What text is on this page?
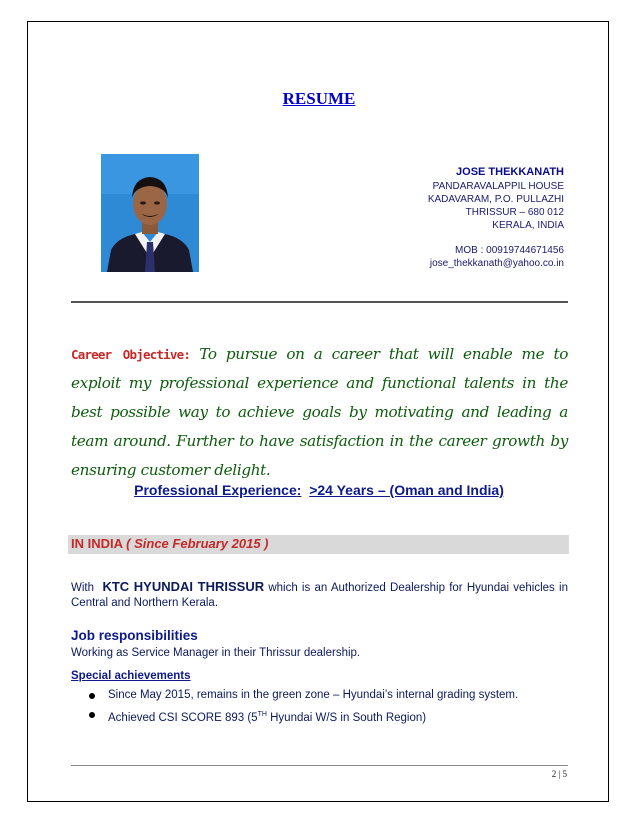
RESUME
JOSE THEKKANATH
PANDARAVALAPPIL HOUSE
KADAVARAM, P.O. PULLAZHI
THRISSUR – 680 012
KERALA, INDIA
MOB : 00919744671456
jose_thekkanath@yahoo.co.in
Career Objective: To pursue on a career that will enable me to exploit my professional experience and functional talents in the best possible way to achieve goals by motivating and leading a team around. Further to have satisfaction in the career growth by ensuring customer delight.
Professional Experience: >24 Years – (Oman and India)
IN INDIA ( Since February 2015 )
With KTC HYUNDAI THRISSUR which is an Authorized Dealership for Hyundai vehicles in Central and Northern Kerala.
Job responsibilities
Working as Service Manager in their Thrissur dealership.
Special achievements
Since May 2015, remains in the green zone – Hyundai’s internal grading system.
Achieved CSI SCORE 893 (5TH Hyundai W/S in South Region)
2 | 5
